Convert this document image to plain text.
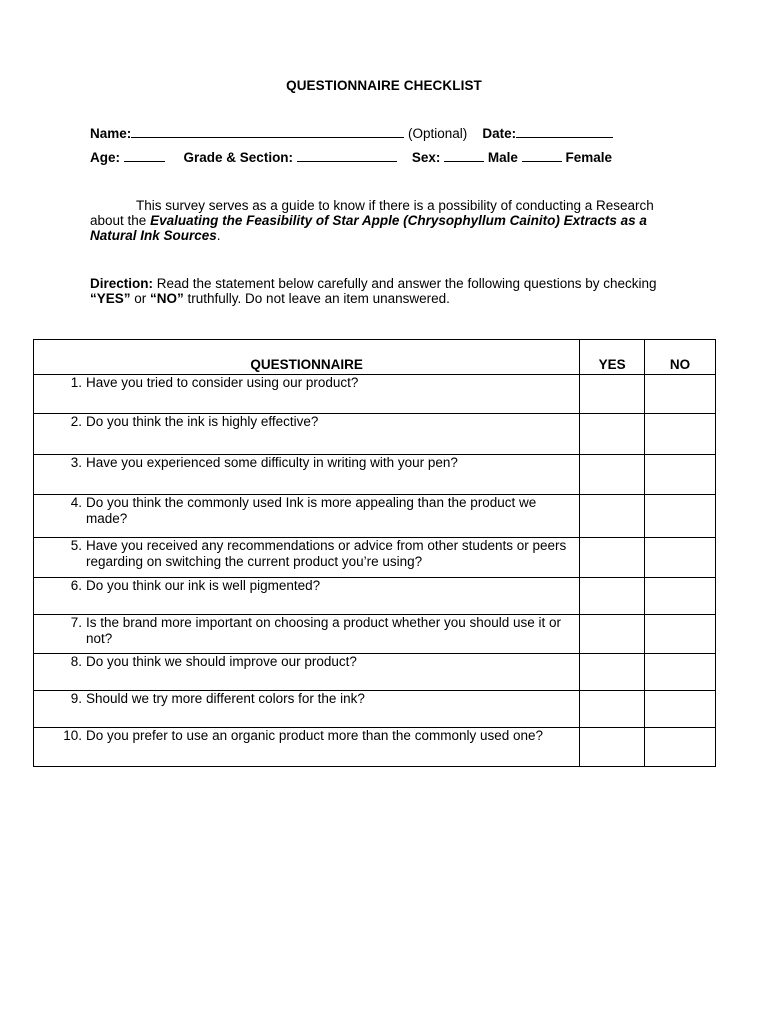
QUESTIONNAIRE CHECKLIST
Name:	(Optional) Date:
Age:	Grade & Section:	Sex:	Male	Female
This survey serves as a guide to know if there is a possibility of conducting a Research about the Evaluating the Feasibility of Star Apple (Chrysophyllum Cainito) Extracts as a Natural Ink Sources.
Direction: Read the statement below carefully and answer the following questions by checking “YES” or “NO” truthfully. Do not leave an item unanswered.
QUESTIONNAIRE	YES	NO

1. Have you tried to consider using our product?		

2. Do you think the ink is highly effective?		

3. Have you experienced some difficulty in writing with your pen?		

4. Do you think the commonly used Ink is more appealing than the product we made?		

5. Have you received any recommendations or advice from other students or peers regarding on switching the current product you’re using?		

6. Do you think our ink is well pigmented?		

7. Is the brand more important on choosing a product whether you should use it or not?		

8. Do you think we should improve our product?		

9. Should we try more different colors for the ink?		

10. Do you prefer to use an organic product more than the commonly used one?		
